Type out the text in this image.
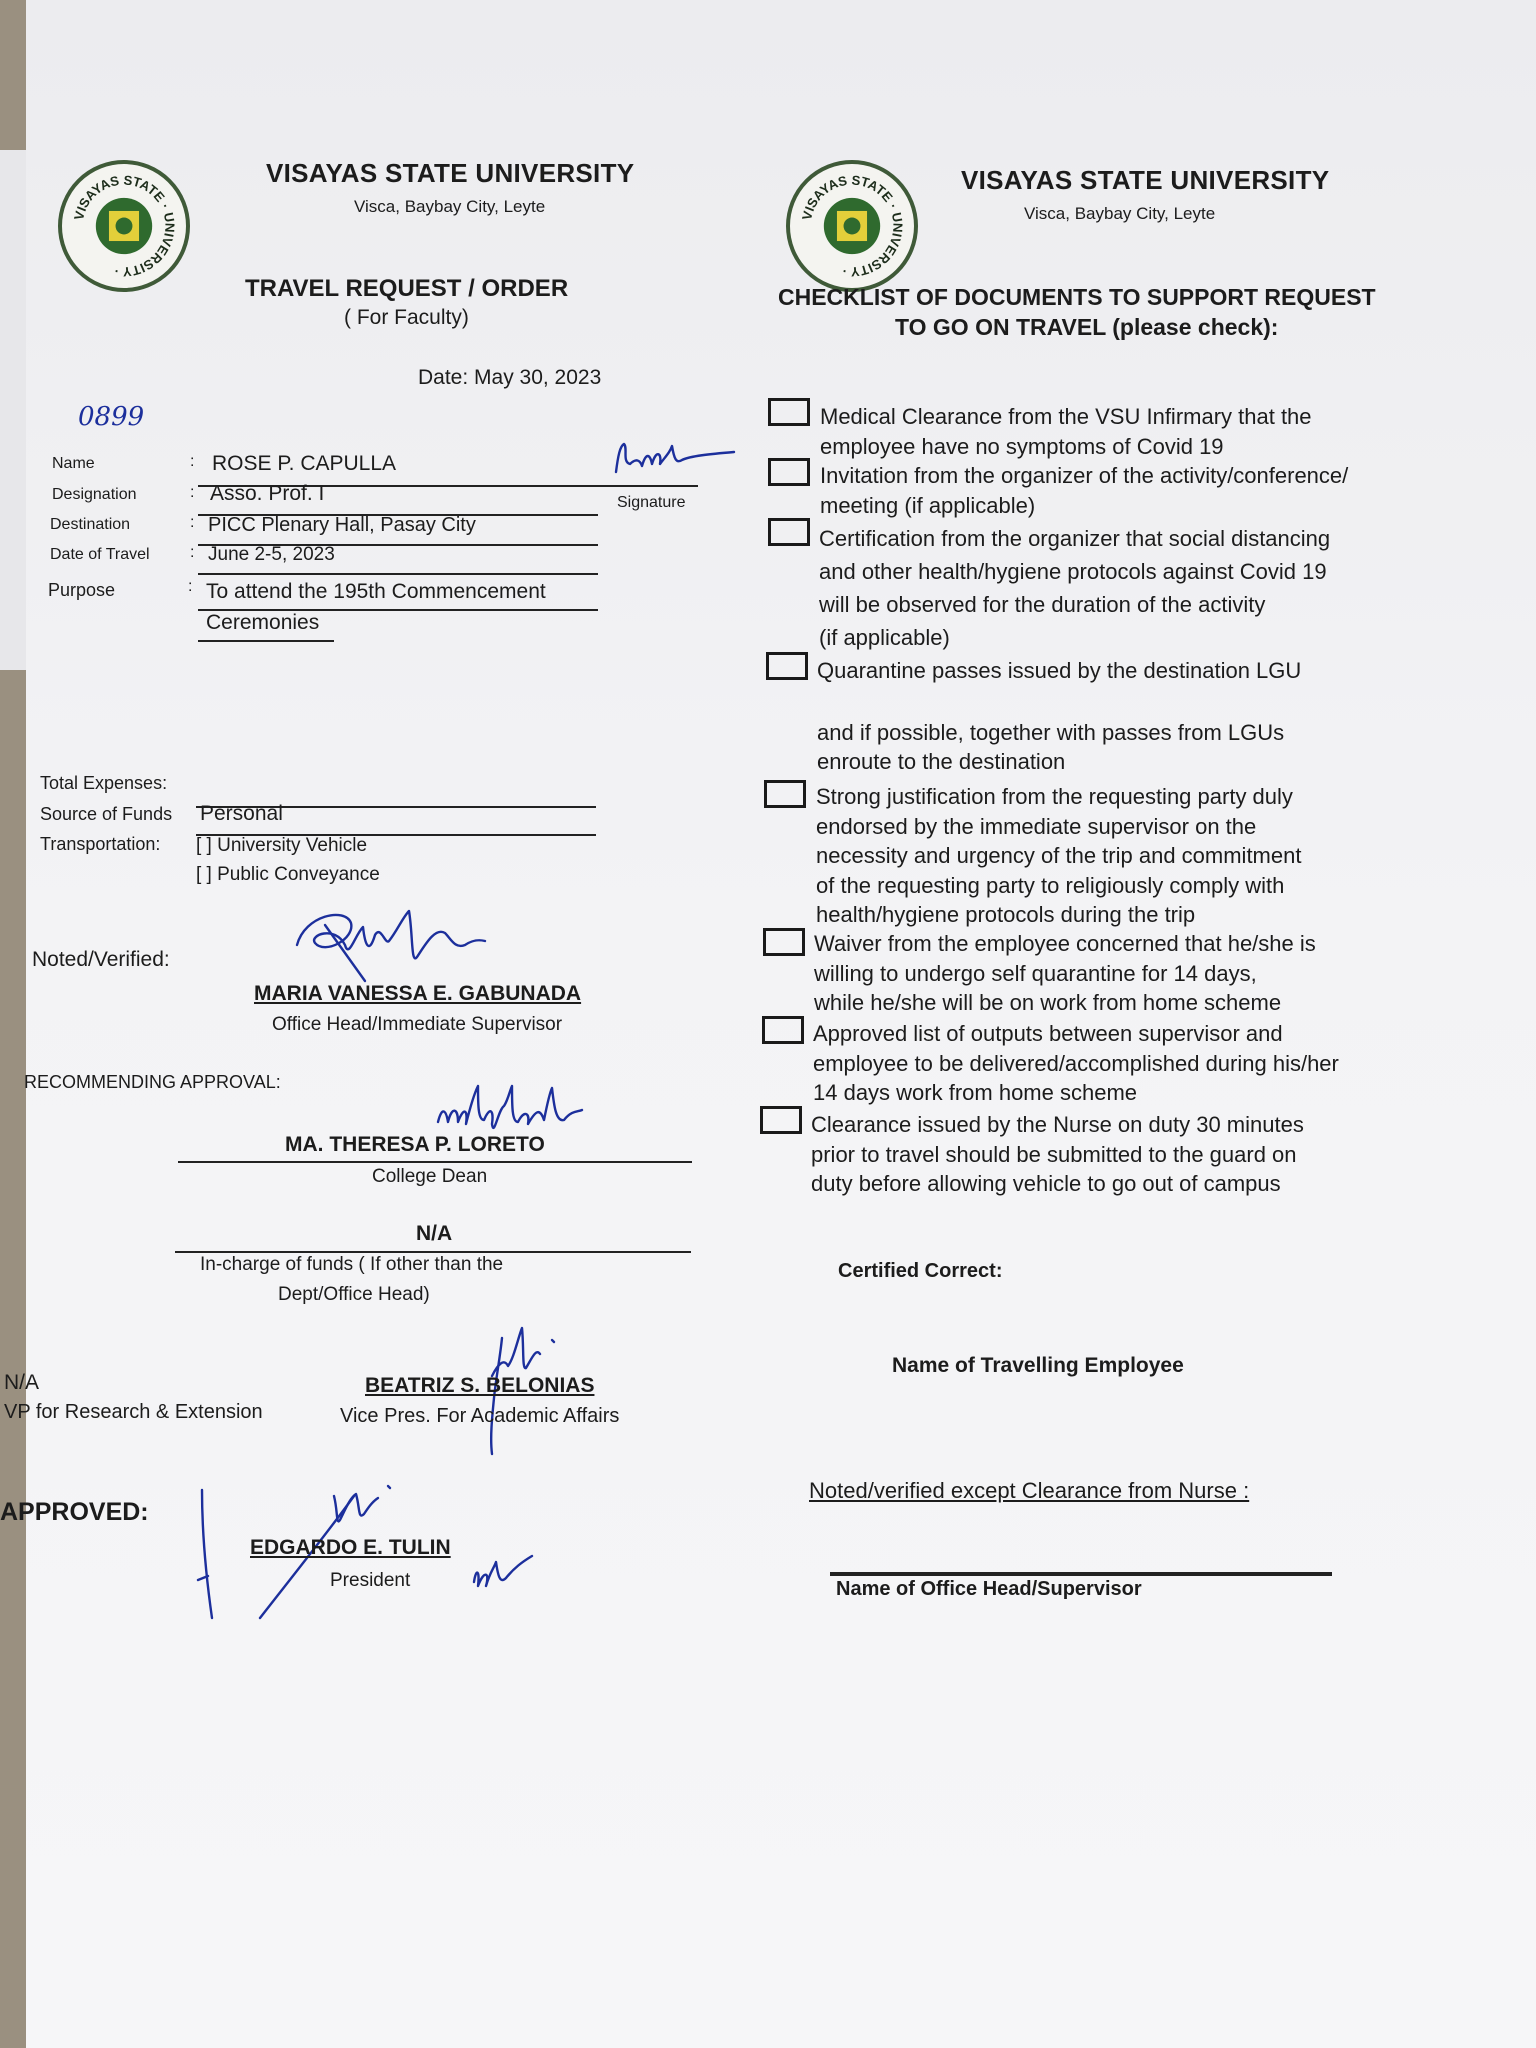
VISAYAS STATE · UNIVERSITY ·
VISAYAS STATE UNIVERSITY
Visca, Baybay City, Leyte
TRAVEL REQUEST / ORDER
( For Faculty)
Date: May 30, 2023
0899
Name	: ROSE P. CAPULLA
Designation	: Asso. Prof. I	Signature
Destination	: PICC Plenary Hall, Pasay City
Date of Travel	: June 2-5, 2023
Purpose	: To attend the 195th Commencement
Ceremonies
Total Expenses:
Source of Funds Personal
Transportation: [ ] University Vehicle
[ ] Public Conveyance
Noted/Verified:
MARIA VANESSA E. GABUNADA
Office Head/Immediate Supervisor
RECOMMENDING APPROVAL:
MA. THERESA P. LORETO
College Dean
N/A
In-charge of funds ( If other than the
Dept/Office Head)
N/A
VP for Research & Extension
BEATRIZ S. BELONIAS
Vice Pres. For Academic Affairs
APPROVED:
EDGARDO E. TULIN
President
VISAYAS STATE · UNIVERSITY ·
VISAYAS STATE UNIVERSITY
Visca, Baybay City, Leyte
CHECKLIST OF DOCUMENTS TO SUPPORT REQUEST
TO GO ON TRAVEL (please check):
Medical Clearance from the VSU Infirmary that the
employee have no symptoms of Covid 19
Invitation from the organizer of the activity/conference/
meeting (if applicable)
Certification from the organizer that social distancing
and other health/hygiene protocols against Covid 19
will be observed for the duration of the activity
(if applicable)
Quarantine passes issued by the destination LGU
and if possible, together with passes from LGUs
enroute to the destination
Strong justification from the requesting party duly
endorsed by the immediate supervisor on the
necessity and urgency of the trip and commitment
of the requesting party to religiously comply with
health/hygiene protocols during the trip
Waiver from the employee concerned that he/she is
willing to undergo self quarantine for 14 days,
while he/she will be on work from home scheme
Approved list of outputs between supervisor and
employee to be delivered/accomplished during his/her
14 days work from home scheme
Clearance issued by the Nurse on duty 30 minutes
prior to travel should be submitted to the guard on
duty before allowing vehicle to go out of campus
Certified Correct:
Name of Travelling Employee
Noted/verified except Clearance from Nurse :
Name of Office Head/Supervisor
